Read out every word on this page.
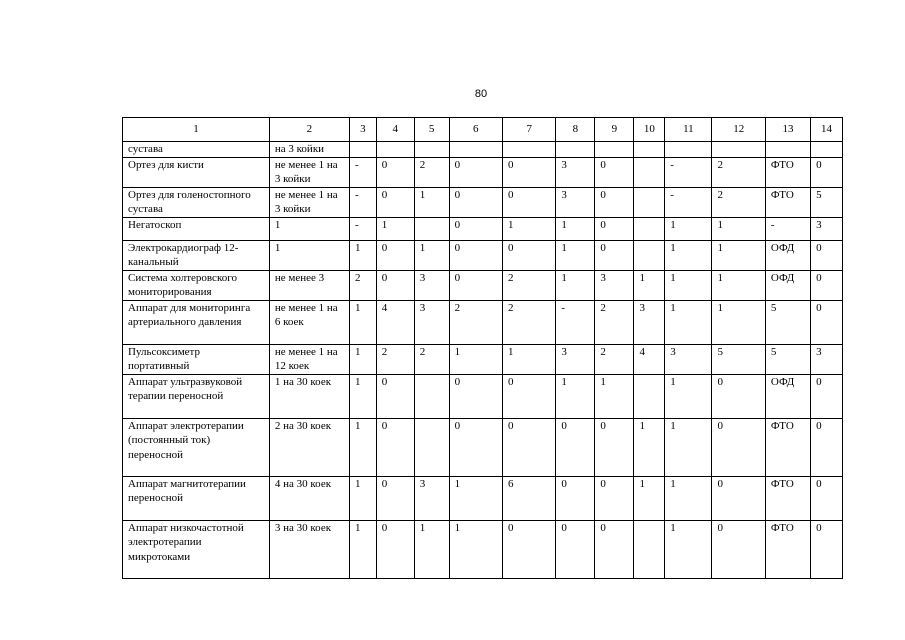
80
1	2	3	4	5	6	7	8	9	10	11	12	13	14
сустава	на 3 койки												
Ортез для кисти	не менее 1 на 3 койки	-	0	2	0	0	3	0		-	2	ФТО	0
Ортез для голеностопного сустава	не менее 1 на 3 койки	-	0	1	0	0	3	0		-	2	ФТО	5
Негатоскоп	1	-	1		0	1	1	0		1	1	-	3
Электрокардиограф 12-канальный	1	1	0	1	0	0	1	0		1	1	ОФД	0
Система холтеровского мониторирования	не менее 3	2	0	3	0	2	1	3	1	1	1	ОФД	0
Аппарат для мониторинга артериального давления	не менее 1 на 6 коек	1	4	3	2	2	-	2	3	1	1	5	0
Пульсоксиметр портативный	не менее 1 на 12 коек	1	2	2	1	1	3	2	4	3	5	5	3
Аппарат ультразвуковой терапии переносной	1 на 30 коек	1	0		0	0	1	1		1	0	ОФД	0
Аппарат электротерапии (постоянный ток) переносной	2 на 30 коек	1	0		0	0	0	0	1	1	0	ФТО	0
Аппарат магнитотерапии переносной	4 на 30 коек	1	0	3	1	6	0	0	1	1	0	ФТО	0
Аппарат низкочастотной электротерапии микротоками	3 на 30 коек	1	0	1	1	0	0	0		1	0	ФТО	0
